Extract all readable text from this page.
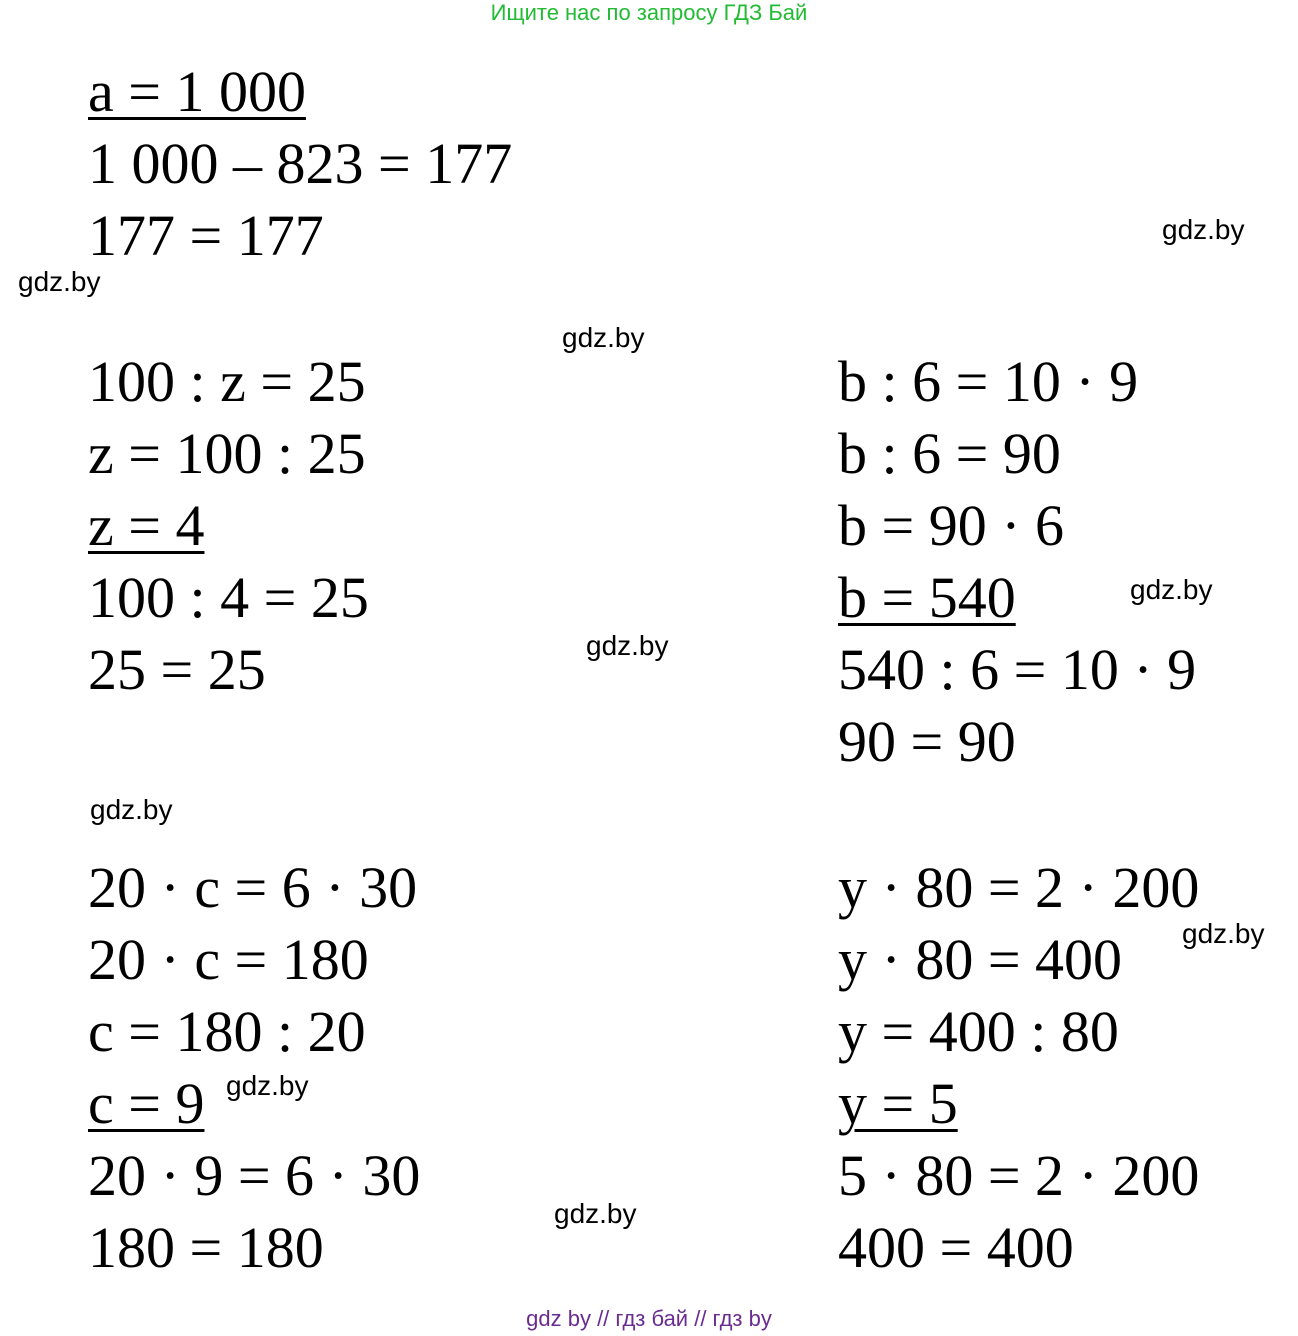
Ищите нас по запросу ГДЗ Бай
a = 1 000
1 000 – 823 = 177
177 = 177
100 : z = 25
z = 100 : 25
z = 4
100 : 4 = 25
25 = 25
b : 6 = 10 · 9
b : 6 = 90
b = 90 · 6
b = 540
540 : 6 = 10 · 9
90 = 90
20 · c = 6 · 30
20 · c = 180
c = 180 : 20
c = 9
20 · 9 = 6 · 30
180 = 180
y · 80 = 2 · 200
y · 80 = 400
y = 400 : 80
y = 5
5 · 80 = 2 · 200
400 = 400
gdz.by
gdz.by
gdz.by
gdz.by
gdz.by
gdz.by
gdz.by
gdz.by
gdz.by
gdz by // гдз бай // гдз by
